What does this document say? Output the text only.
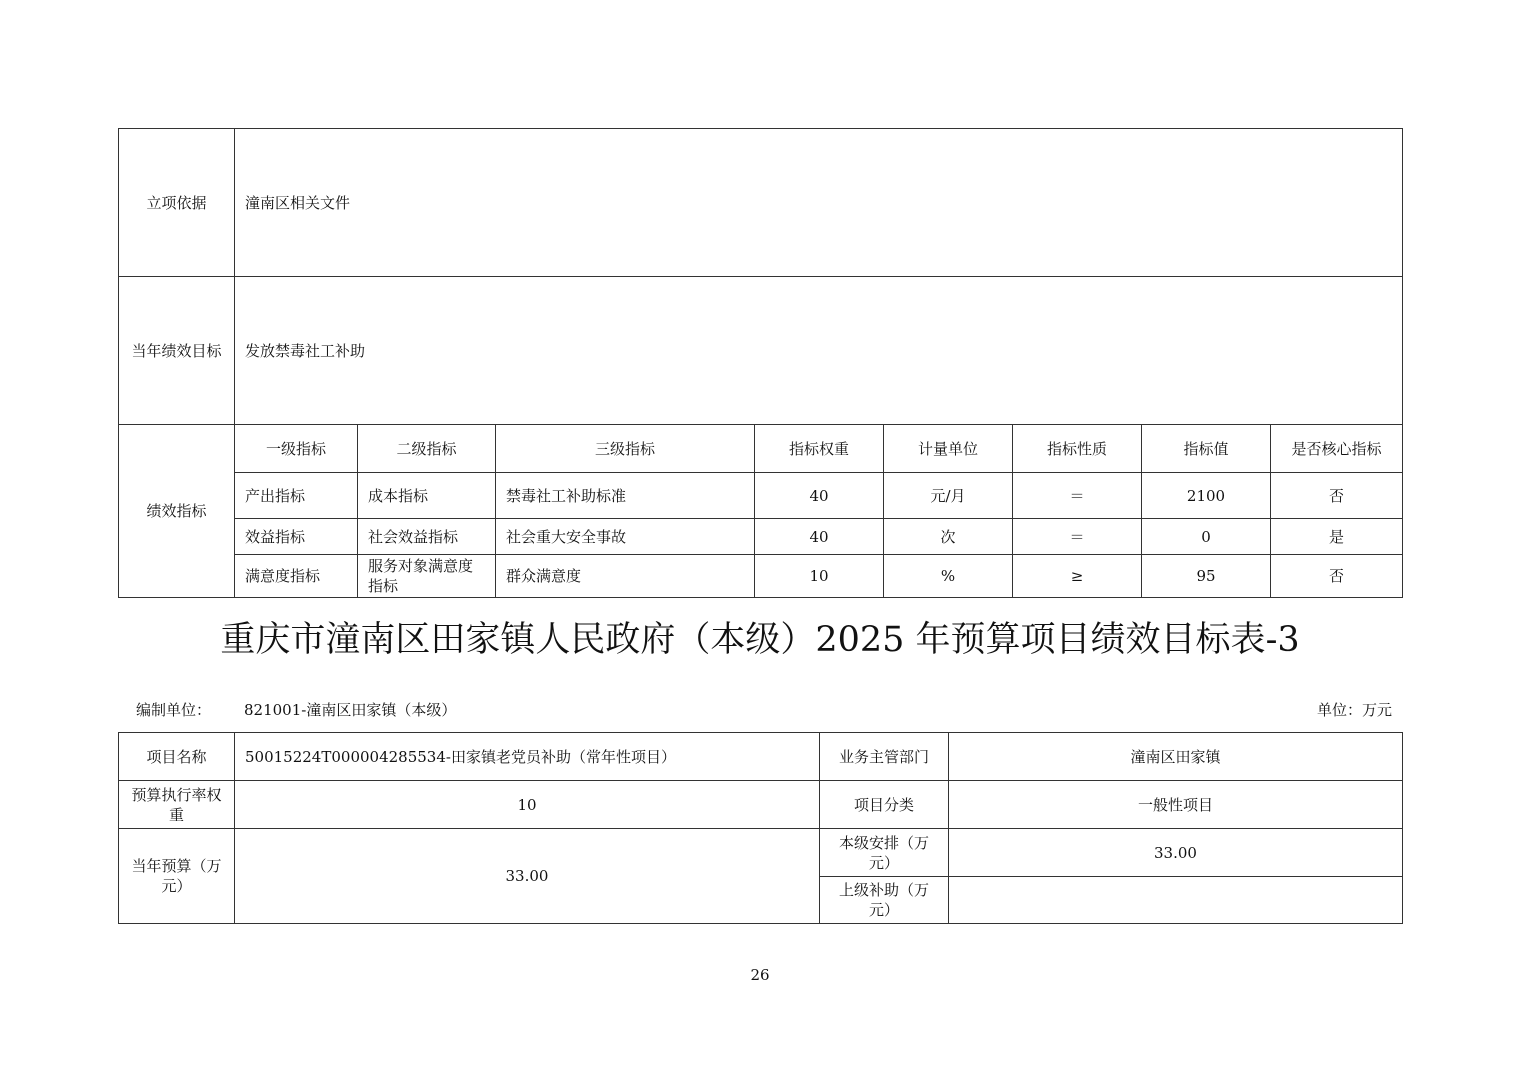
立项依据	潼南区相关文件							
当年绩效目标	发放禁毒社工补助							
绩效指标	一级指标	二级指标	三级指标	指标权重	计量单位	指标性质	指标值	是否核心指标
	产出指标	成本指标	禁毒社工补助标准	40	元/月	＝	2100	否
	效益指标	社会效益指标	社会重大安全事故	40	次	＝	0	是
	满意度指标	服务对象满意度指标	群众满意度	10	%	≥	95	否
重庆市潼南区田家镇人民政府（本级）2025 年预算项目绩效目标表-3
编制单位： 821001-潼南区田家镇（本级）	单位：万元
项目名称	50015224T000004285534-田家镇老党员补助（常年性项目）	业务主管部门	潼南区田家镇
预算执行率权重	10	项目分类	一般性项目
当年预算（万元）	33.00	本级安排（万元）	33.00
		上级补助（万元）	
26
